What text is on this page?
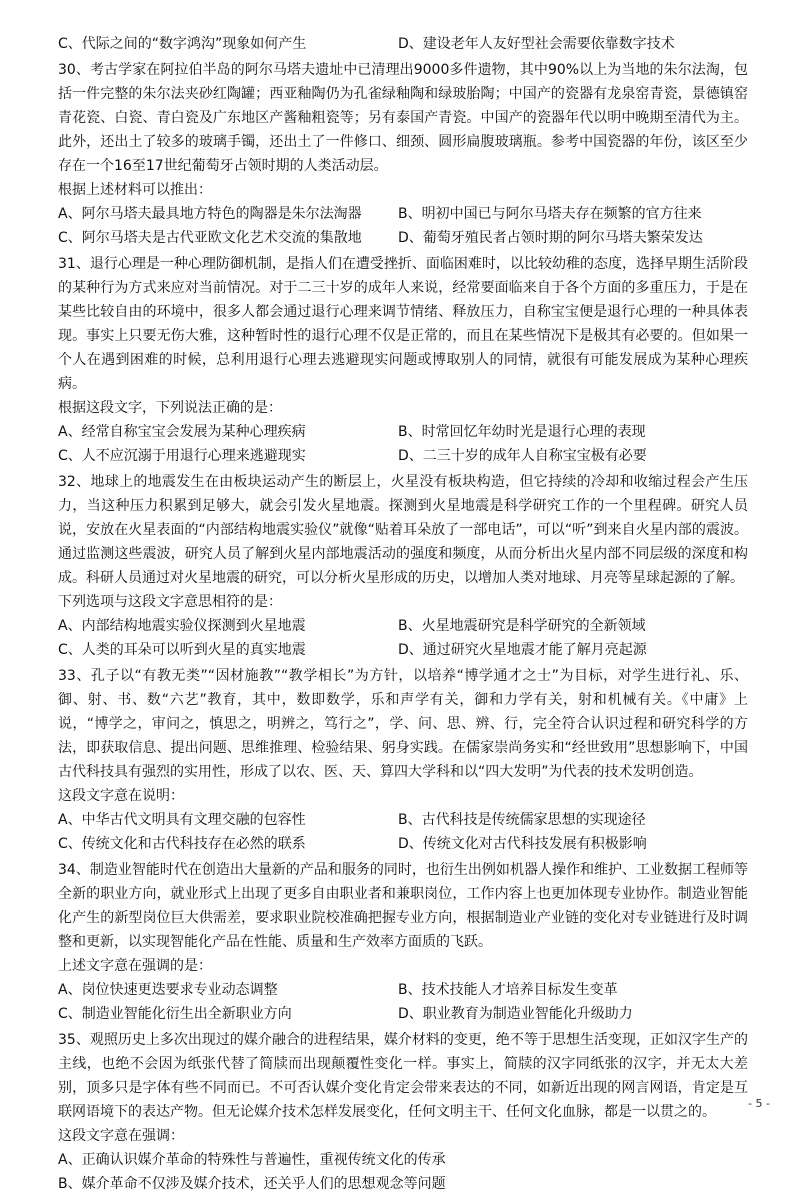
C、代际之间的“数字鸿沟”现象如何产生	D、建设老年人友好型社会需要依靠数字技术

30、考古学家在阿拉伯半岛的阿尔马塔夫遗址中已清理出9000多件遗物，其中90%以上为当地的朱尔法淘，包括一件完整的朱尔法夹砂红陶罐；西亚釉陶仍为孔雀绿釉陶和绿玻胎陶；中国产的瓷器有龙泉窑青瓷，景德镇窑青花瓷、白瓷、青白瓷及广东地区产酱釉粗瓷等；另有泰国产青瓷。中国产的瓷器年代以明中晚期至清代为主。此外，还出土了较多的玻璃手镯，还出土了一件修口、细颈、圆形扁腹玻璃瓶。参考中国瓷器的年份，该区至少存在一个16至17世纪葡萄牙占领时期的人类活动层。

根据上述材料可以推出：

A、阿尔马塔夫最具地方特色的陶器是朱尔法淘器	B、明初中国已与阿尔马塔夫存在频繁的官方往来
C、阿尔马塔夫是古代亚欧文化艺术交流的集散地	D、葡萄牙殖民者占领时期的阿尔马塔夫繁荣发达

31、退行心理是一种心理防御机制，是指人们在遭受挫折、面临困难时，以比较幼稚的态度，选择早期生活阶段的某种行为方式来应对当前情况。对于二三十岁的成年人来说，经常要面临来自于各个方面的多重压力，于是在某些比较自由的环境中，很多人都会通过退行心理来调节情绪、释放压力，自称宝宝便是退行心理的一种具体表现。事实上只要无伤大雅，这种暂时性的退行心理不仅是正常的，而且在某些情况下是极其有必要的。但如果一个人在遇到困难的时候，总利用退行心理去逃避现实问题或博取别人的同情，就很有可能发展成为某种心理疾病。

根据这段文字，下列说法正确的是：

A、经常自称宝宝会发展为某种心理疾病	B、时常回忆年幼时光是退行心理的表现
C、人不应沉溺于用退行心理来逃避现实	D、二三十岁的成年人自称宝宝极有必要

32、地球上的地震发生在由板块运动产生的断层上，火星没有板块构造，但它持续的冷却和收缩过程会产生压力，当这种压力积累到足够大，就会引发火星地震。探测到火星地震是科学研究工作的一个里程碑。研究人员说，安放在火星表面的“内部结构地震实验仪”就像“贴着耳朵放了一部电话”，可以“听”到来自火星内部的震波。通过监测这些震波，研究人员了解到火星内部地震活动的强度和频度，从而分析出火星内部不同层级的深度和构成。科研人员通过对火星地震的研究，可以分析火星形成的历史，以增加人类对地球、月亮等星球起源的了解。

下列选项与这段文字意思相符的是：

A、内部结构地震实验仪探测到火星地震	B、火星地震研究是科学研究的全新领域
C、人类的耳朵可以听到火星的真实地震	D、通过研究火星地震才能了解月亮起源

33、孔子以“有教无类”“因材施教”“教学相长”为方针，以培养“博学通才之士”为目标，对学生进行礼、乐、御、射、书、数“六艺”教育，其中，数即数学，乐和声学有关，御和力学有关，射和机械有关。《中庸》上说，“博学之，审问之，慎思之，明辨之，笃行之”，学、问、思、辨、行，完全符合认识过程和研究科学的方法，即获取信息、提出问题、思维推理、检验结果、躬身实践。在儒家崇尚务实和“经世致用”思想影响下，中国古代科技具有强烈的实用性，形成了以农、医、天、算四大学科和以“四大发明”为代表的技术发明创造。

这段文字意在说明：

A、中华古代文明具有文理交融的包容性	B、古代科技是传统儒家思想的实现途径
C、传统文化和古代科技存在必然的联系	D、传统文化对古代科技发展有积极影响

34、制造业智能时代在创造出大量新的产品和服务的同时，也衍生出例如机器人操作和维护、工业数据工程师等全新的职业方向，就业形式上出现了更多自由职业者和兼职岗位，工作内容上也更加体现专业协作。制造业智能化产生的新型岗位巨大供需差，要求职业院校准确把握专业方向，根据制造业产业链的变化对专业链进行及时调整和更新，以实现智能化产品在性能、质量和生产效率方面质的飞跃。

上述文字意在强调的是：

A、岗位快速更迭要求专业动态调整	B、技术技能人才培养目标发生变革
C、制造业智能化衍生出全新职业方向	D、职业教育为制造业智能化升级助力

35、观照历史上多次出现过的媒介融合的进程结果，媒介材料的变更，绝不等于思想生活变现，正如汉字生产的主线，也绝不会因为纸张代替了简牍而出现颠覆性变化一样。事实上，简牍的汉字同纸张的汉字，并无太大差别，顶多只是字体有些不同而已。不可否认媒介变化肯定会带来表达的不同，如新近出现的网言网语，肯定是互联网语境下的表达产物。但无论媒介技术怎样发展变化，任何文明主干、任何文化血脉，都是一以贯之的。

这段文字意在强调：

A、正确认识媒介革命的特殊性与普遍性，重视传统文化的传承
B、媒介革命不仅涉及媒介技术，还关乎人们的思想观念等问题
- 5 -
